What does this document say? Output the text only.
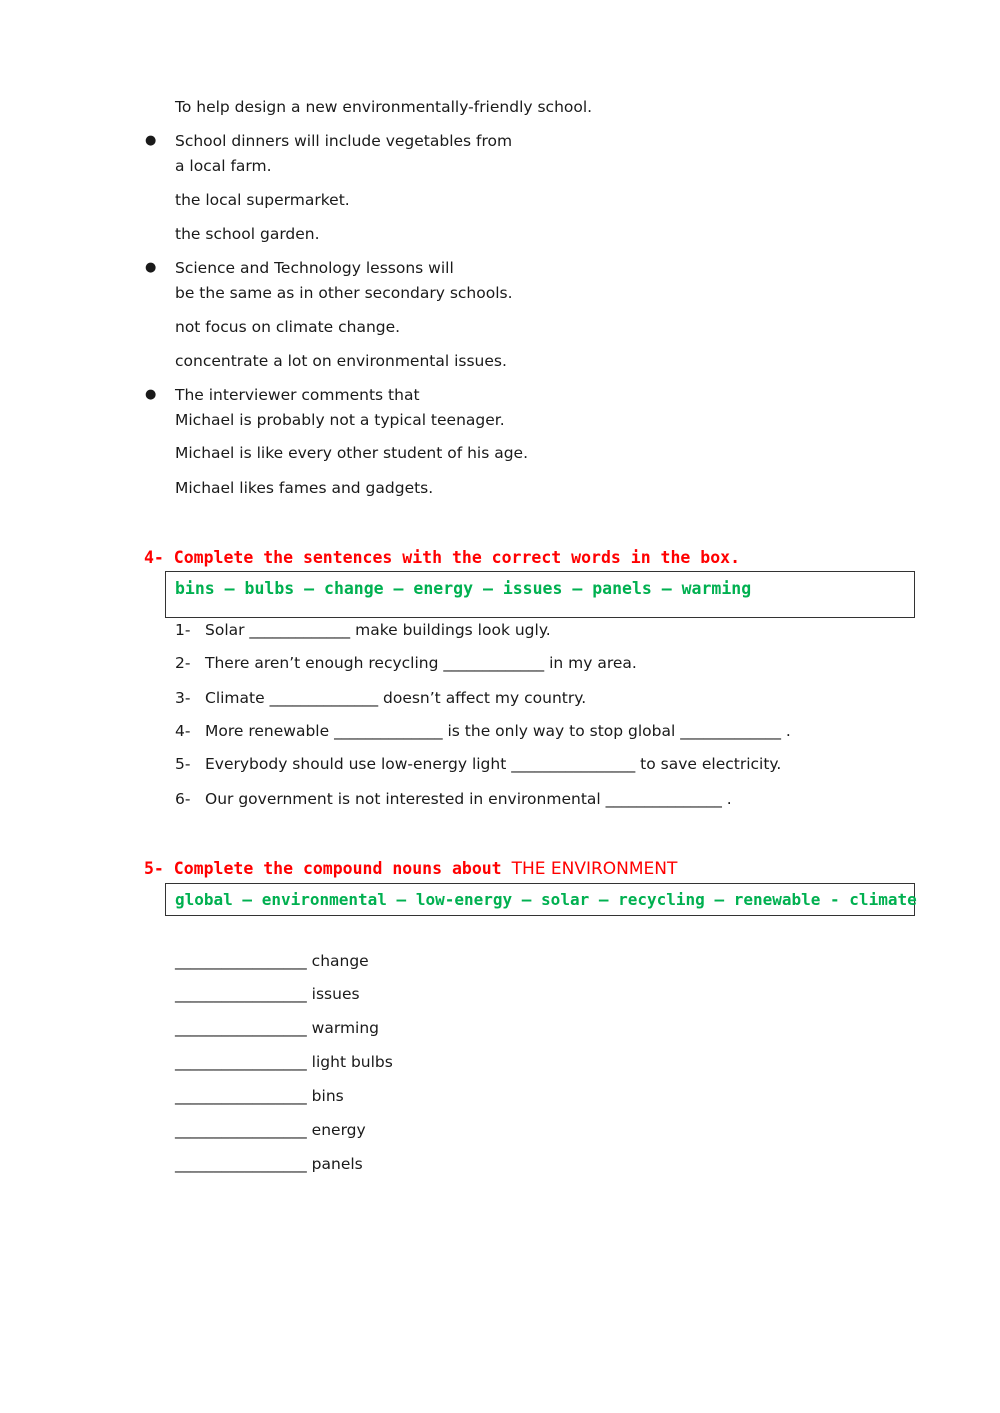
To help design a new environmentally-friendly school.
● School dinners will include vegetables from
a local farm.
the local supermarket.
the school garden.
● Science and Technology lessons will
be the same as in other secondary schools.
not focus on climate change.
concentrate a lot on environmental issues.
● The interviewer comments that
Michael is probably not a typical teenager.
Michael is like every other student of his age.
Michael likes fames and gadgets.
4- Complete the sentences with the correct words in the box.
bins – bulbs – change – energy – issues – panels – warming
1- Solar _____________ make buildings look ugly.
2- There aren’t enough recycling _____________ in my area.
3- Climate ______________ doesn’t affect my country.
4- More renewable ______________ is the only way to stop global _____________ .
5- Everybody should use low-energy light ________________ to save electricity.
6- Our government is not interested in environmental _______________ .
5- Complete the compound nouns about THE ENVIRONMENT
global – environmental – low-energy – solar – recycling – renewable - climate
_________________ change
_________________ issues
_________________ warming
_________________ light bulbs
_________________ bins
_________________ energy
_________________ panels
